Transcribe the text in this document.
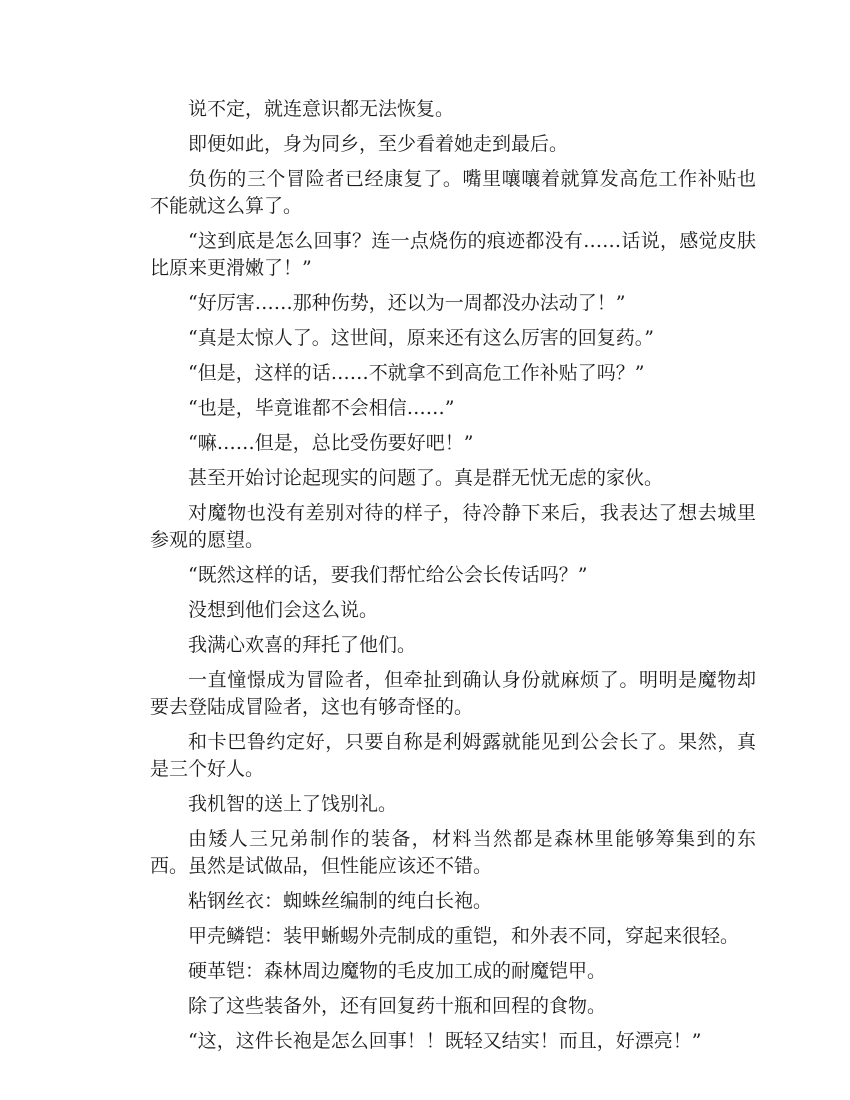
说不定，就连意识都无法恢复。

即便如此，身为同乡，至少看着她走到最后。

负伤的三个冒险者已经康复了。嘴里嚷嚷着就算发高危工作补贴也不能就这么算了。

“这到底是怎么回事？连一点烧伤的痕迹都没有……话说，感觉皮肤比原来更滑嫩了！”

“好厉害……那种伤势，还以为一周都没办法动了！”

“真是太惊人了。这世间，原来还有这么厉害的回复药。”

“但是，这样的话……不就拿不到高危工作补贴了吗？”

“也是，毕竟谁都不会相信……”

“嘛……但是，总比受伤要好吧！”

甚至开始讨论起现实的问题了。真是群无忧无虑的家伙。

对魔物也没有差别对待的样子，待冷静下来后，我表达了想去城里参观的愿望。

“既然这样的话，要我们帮忙给公会长传话吗？”

没想到他们会这么说。

我满心欢喜的拜托了他们。

一直憧憬成为冒险者，但牵扯到确认身份就麻烦了。明明是魔物却要去登陆成冒险者，这也有够奇怪的。

和卡巴鲁约定好，只要自称是利姆露就能见到公会长了。果然，真是三个好人。

我机智的送上了饯别礼。

由矮人三兄弟制作的装备，材料当然都是森林里能够筹集到的东西。虽然是试做品，但性能应该还不错。

粘钢丝衣：蜘蛛丝编制的纯白长袍。

甲壳鳞铠：装甲蜥蜴外壳制成的重铠，和外表不同，穿起来很轻。

硬革铠：森林周边魔物的毛皮加工成的耐魔铠甲。

除了这些装备外，还有回复药十瓶和回程的食物。

“这，这件长袍是怎么回事！！既轻又结实！而且，好漂亮！”
